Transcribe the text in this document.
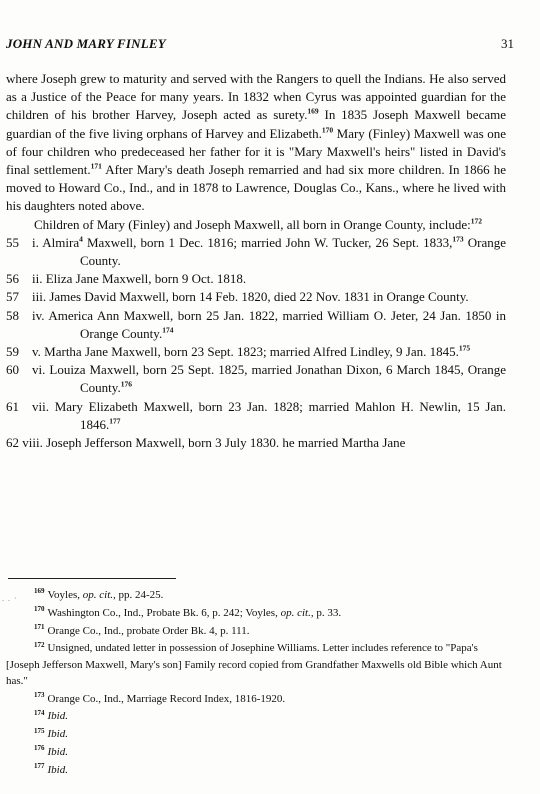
JOHN AND MARY FINLEY	31

where Joseph grew to maturity and served with the Rangers to quell the Indians. He also served as a Justice of the Peace for many years. In 1832 when Cyrus was appointed guardian for the children of his brother Harvey, Joseph acted as surety.$^{169}$ In 1835 Joseph Maxwell became guardian of the five living orphans of Harvey and Elizabeth.$^{170}$ Mary (Finley) Maxwell was one of four children who predeceased her father for it is "Mary Maxwell's heirs" listed in David's final settlement.$^{171}$ After Mary's death Joseph remarried and had six more children. In 1866 he moved to Howard Co., Ind., and in 1878 to Lawrence, Douglas Co., Kans., where he lived with his daughters noted above.

Children of Mary (Finley) and Joseph Maxwell, all born in Orange County, include:$^{172}$

55	i. Almira$^4$ Maxwell, born 1 Dec. 1816; married John W. Tucker, 26 Sept. 1833,$^{173}$ Orange County.
56	ii. Eliza Jane Maxwell, born 9 Oct. 1818.
57	iii. James David Maxwell, born 14 Feb. 1820, died 22 Nov. 1831 in Orange County.
58	iv. America Ann Maxwell, born 25 Jan. 1822, married William O. Jeter, 24 Jan. 1850 in Orange County.$^{174}$
59	v. Martha Jane Maxwell, born 23 Sept. 1823; married Alfred Lindley, 9 Jan. 1845.$^{175}$
60	vi. Louiza Maxwell, born 25 Sept. 1825, married Jonathan Dixon, 6 March 1845, Orange County.$^{176}$
61	vii. Mary Elizabeth Maxwell, born 23 Jan. 1828; married Mahlon H. Newlin, 15 Jan. 1846.$^{177}$
62 viii. Joseph Jefferson Maxwell, born 3 July 1830. he married Martha Jane
. . ·

$^{169}$ Voyles, op. cit., pp. 24-25.

$^{170}$ Washington Co., Ind., Probate Bk. 6, p. 242; Voyles, op. cit., p. 33.

$^{171}$ Orange Co., Ind., probate Order Bk. 4, p. 111.

$^{172}$ Unsigned, undated letter in possession of Josephine Williams. Letter includes reference to "Papa's [Joseph Jefferson Maxwell, Mary's son] Family record copied from Grandfather Maxwells old Bible which Aunt has."

$^{173}$ Orange Co., Ind., Marriage Record Index, 1816-1920.

$^{174}$ Ibid.

$^{175}$ Ibid.

$^{176}$ Ibid.

$^{177}$ Ibid.
